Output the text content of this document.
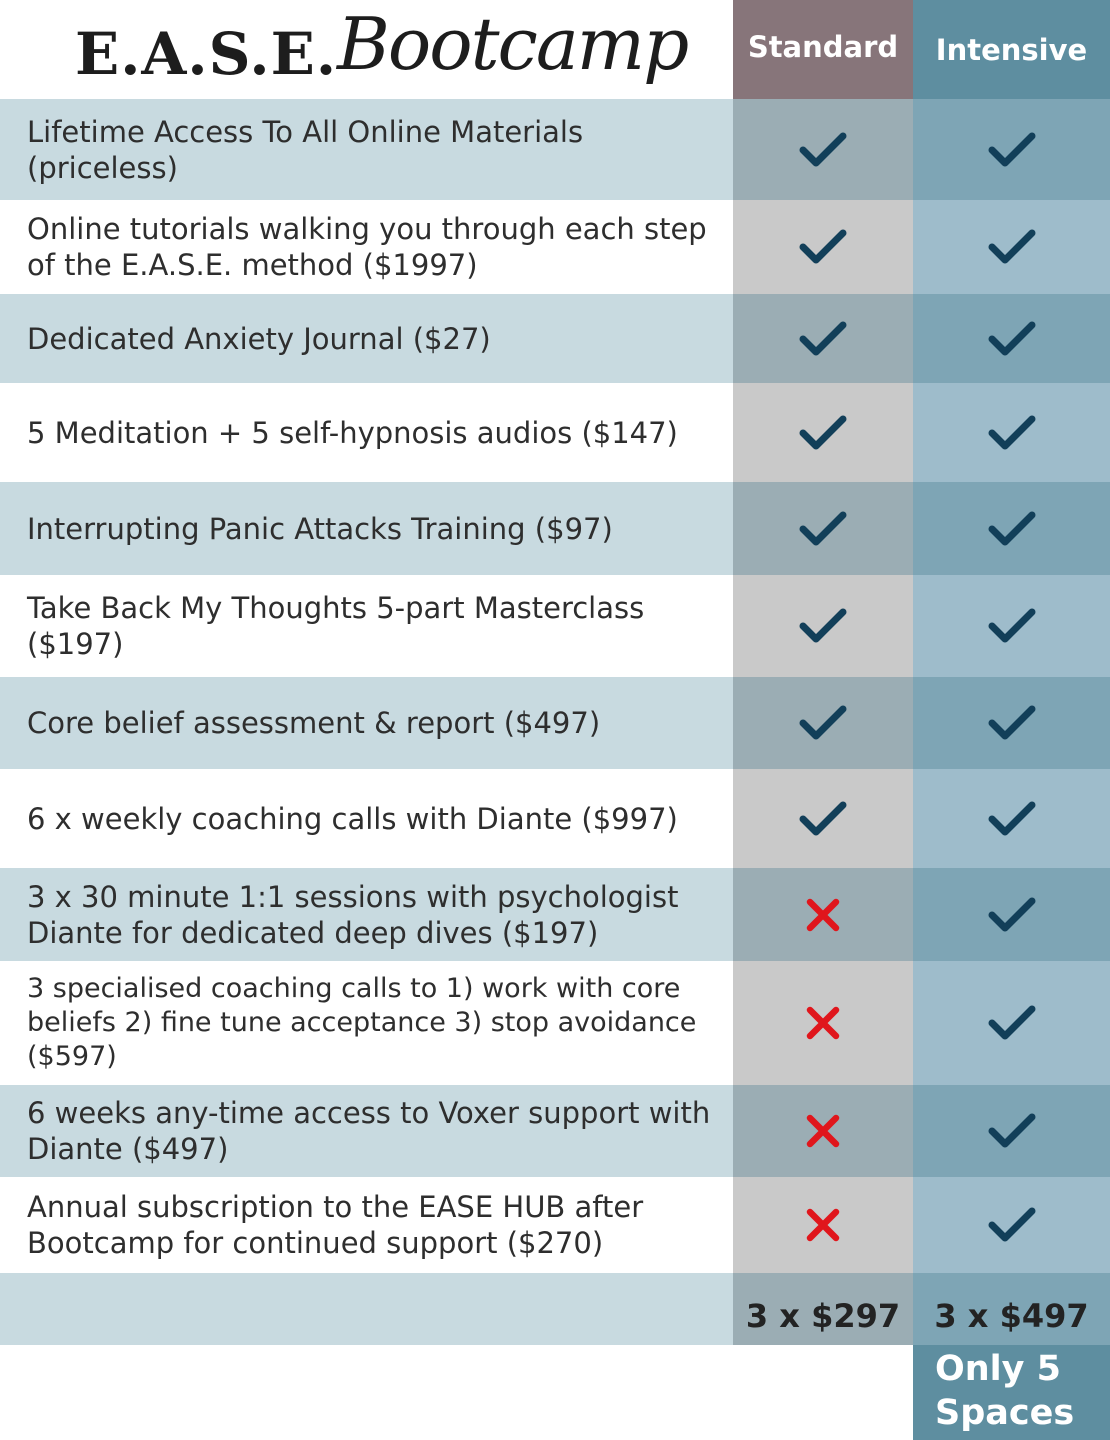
E.A.S.E. Bootcamp Standard Intensive
Lifetime Access To All Online Materials (priceless)
Online tutorials walking you through each step of the E.A.S.E. method ($1997)
Dedicated Anxiety Journal ($27)
5 Meditation + 5 self-hypnosis audios ($147)
Interrupting Panic Attacks Training ($97)
Take Back My Thoughts 5-part Masterclass ($197)
Core belief assessment & report ($497)
6 x weekly coaching calls with Diante ($997)
3 x 30 minute 1:1 sessions with psychologist Diante for dedicated deep dives ($197)
3 specialised coaching calls to 1) work with core beliefs 2) fine tune acceptance 3) stop avoidance ($597)
6 weeks any-time access to Voxer support with Diante ($497)
Annual subscription to the EASE HUB after Bootcamp for continued support ($270)
3 x $297 3 x $497
Only 5 Spaces
